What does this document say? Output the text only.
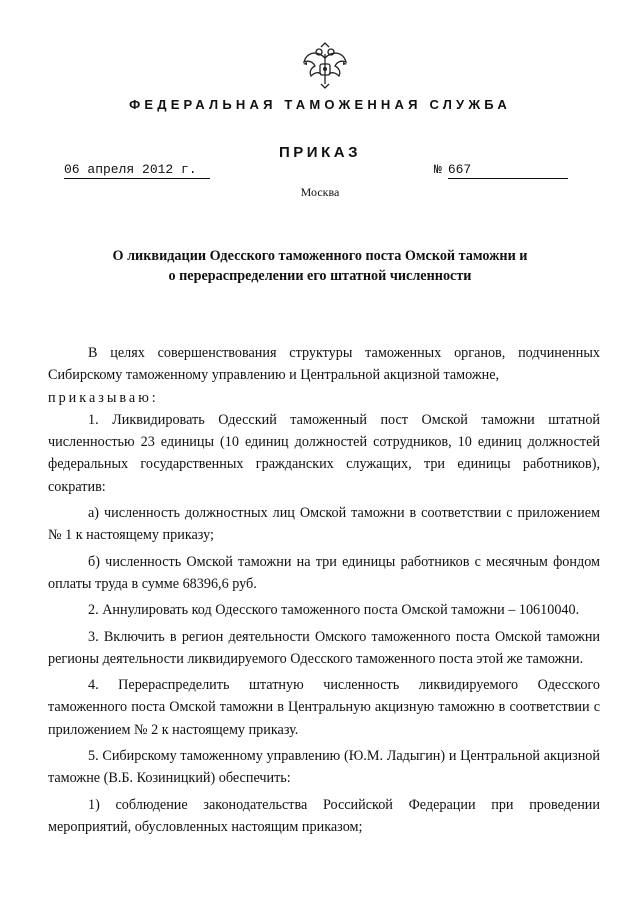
ФЕДЕРАЛЬНАЯ ТАМОЖЕННАЯ СЛУЖБА
ПРИКАЗ
06 апреля 2012 г.	№ 667
Москва
О ликвидации Одесского таможенного поста Омской таможни и
о перераспределении его штатной численности

В целях совершенствования структуры таможенных органов, подчиненных Сибирскому таможенному управлению и Центральной акцизной таможне,

приказываю:

1. Ликвидировать Одесский таможенный пост Омской таможни штатной численностью 23 единицы (10 единиц должностей сотрудников, 10 единиц должностей федеральных государственных гражданских служащих, три единицы работников), сократив:

а) численность должностных лиц Омской таможни в соответствии с приложением № 1 к настоящему приказу;

б) численность Омской таможни на три единицы работников с месячным фондом оплаты труда в сумме 68396,6 руб.

2. Аннулировать код Одесского таможенного поста Омской таможни – 10610040.

3. Включить в регион деятельности Омского таможенного поста Омской таможни регионы деятельности ликвидируемого Одесского таможенного поста этой же таможни.

4. Перераспределить штатную численность ликвидируемого Одесского таможенного поста Омской таможни в Центральную акцизную таможню в соответствии с приложением № 2 к настоящему приказу.

5. Сибирскому таможенному управлению (Ю.М. Ладыгин) и Центральной акцизной таможне (В.Б. Козиницкий) обеспечить:

1) соблюдение законодательства Российской Федерации при проведении мероприятий, обусловленных настоящим приказом;
